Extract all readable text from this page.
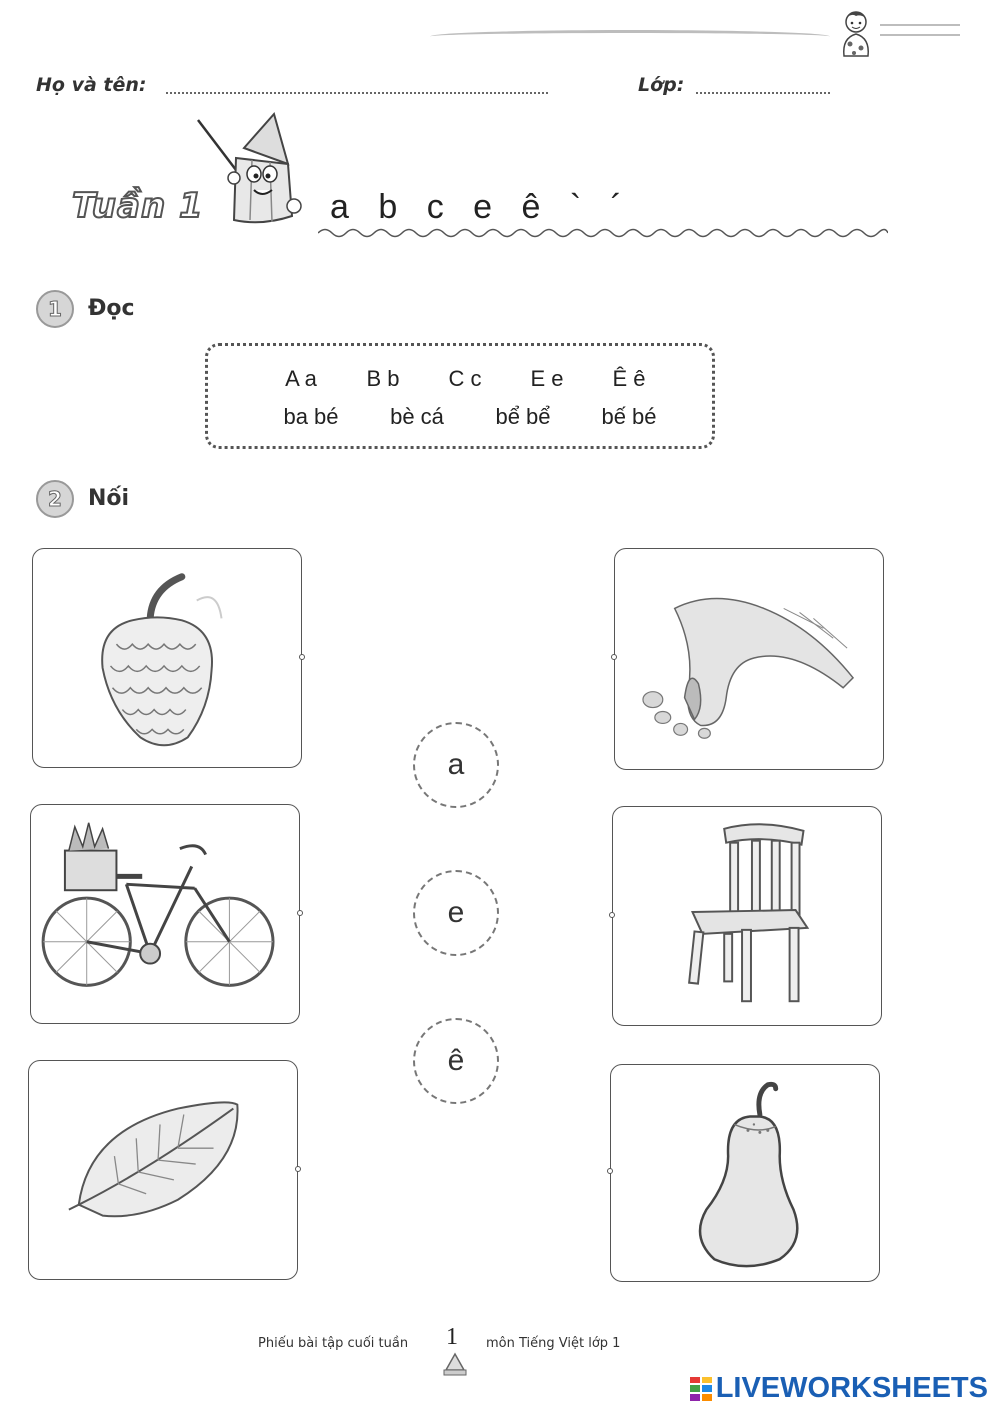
Họ và tên:	Lớp:
Tuần 1	a b c e ê ` ´
1	Đọc
A a	B b	C c	E e	Ê ê
ba bé	bè cá	bể bể	bế bé
2	Nối
a
e
ê
Phiếu bài tập cuối tuần 1 môn Tiếng Việt lớp 1
LIVEWORKSHEETS
